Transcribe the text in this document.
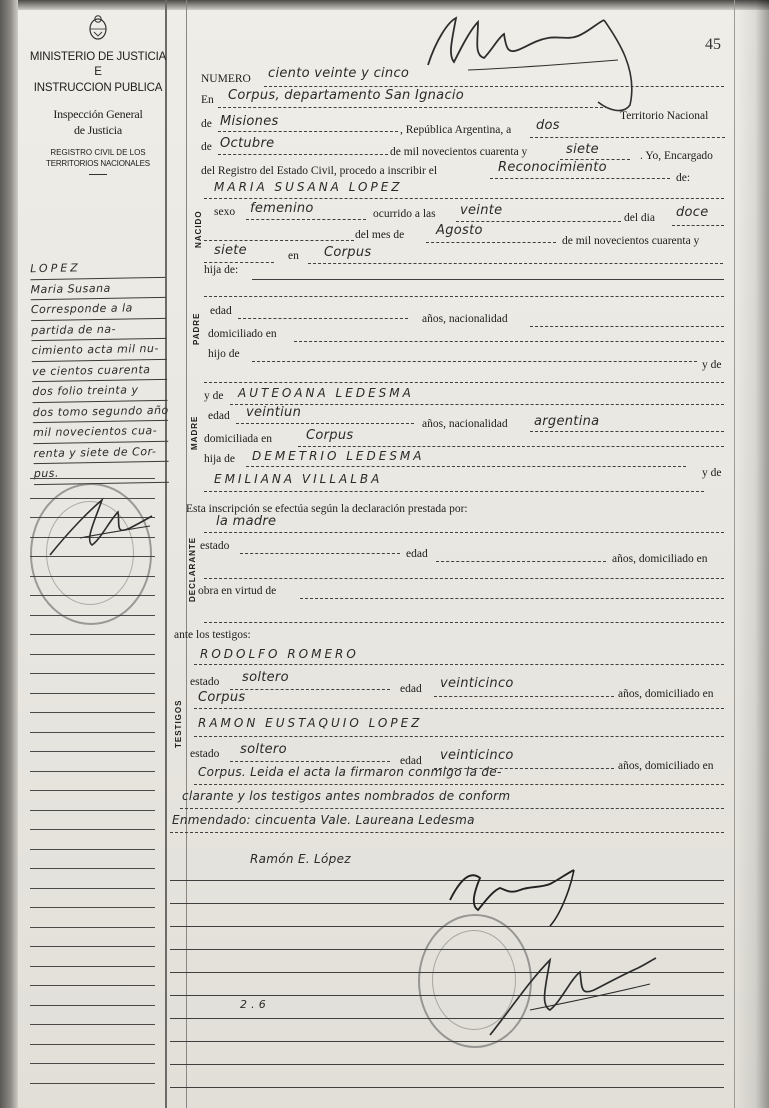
MINISTERIO DE JUSTICIA
E
INSTRUCCION PUBLICA
Inspección General
de Justicia
REGISTRO CIVIL DE LOS
TERRITORIOS NACIONALES
LOPEZ
Maria Susana
Corresponde a la
partida de na-
cimiento acta mil nu-
ve cientos cuarenta
dos folio treinta y
dos tomo segundo año
mil novecientos cua-
renta y siete de Cor-
pus.
45
NUMERO ciento veinte y cinco
En Corpus, departamento San Ignacio
Territorio Nacional
de Misiones
, República Argentina, a dos
de Octubre
de mil novecientos cuarenta y	siete	. Yo, Encargado
del Registro del Estado Civil, procedo a inscribir el	Reconocimiento
de:
MARIA SUSANA LOPEZ
NACIDO sexo femenino	ocurrido a las veinte	del dia doce
del mes de Agosto
de mil novecientos cuarenta y
siete	en Corpus
hija de:
PADRE
edad
años, nacionalidad
domiciliado en
hijo de
y de
MADRE
y de AUTEOANA LEDESMA
edad veintiun
años, nacionalidad argentina
domiciliada en	Corpus
hija de DEMETRIO LEDESMA
y de
EMILIANA VILLALBA
Esta inscripción se efectúa según la declaración prestada por:
la madre
DECLARANTE estado
edad	años, domiciliado en
obra en virtud de
ante los testigos:
TESTIGOS
RODOLFO ROMERO
estado soltero
edad veinticinco
años, domiciliado en
Corpus
RAMON EUSTAQUIO LOPEZ
estado soltero
edad veinticinco
años, domiciliado en
Corpus. Leida el acta la firmaron conmigo la de-
clarante y los testigos antes nombrados de conform
Enmendado: cincuenta Vale. Laureana Ledesma
Ramón E. López
2 . 6
